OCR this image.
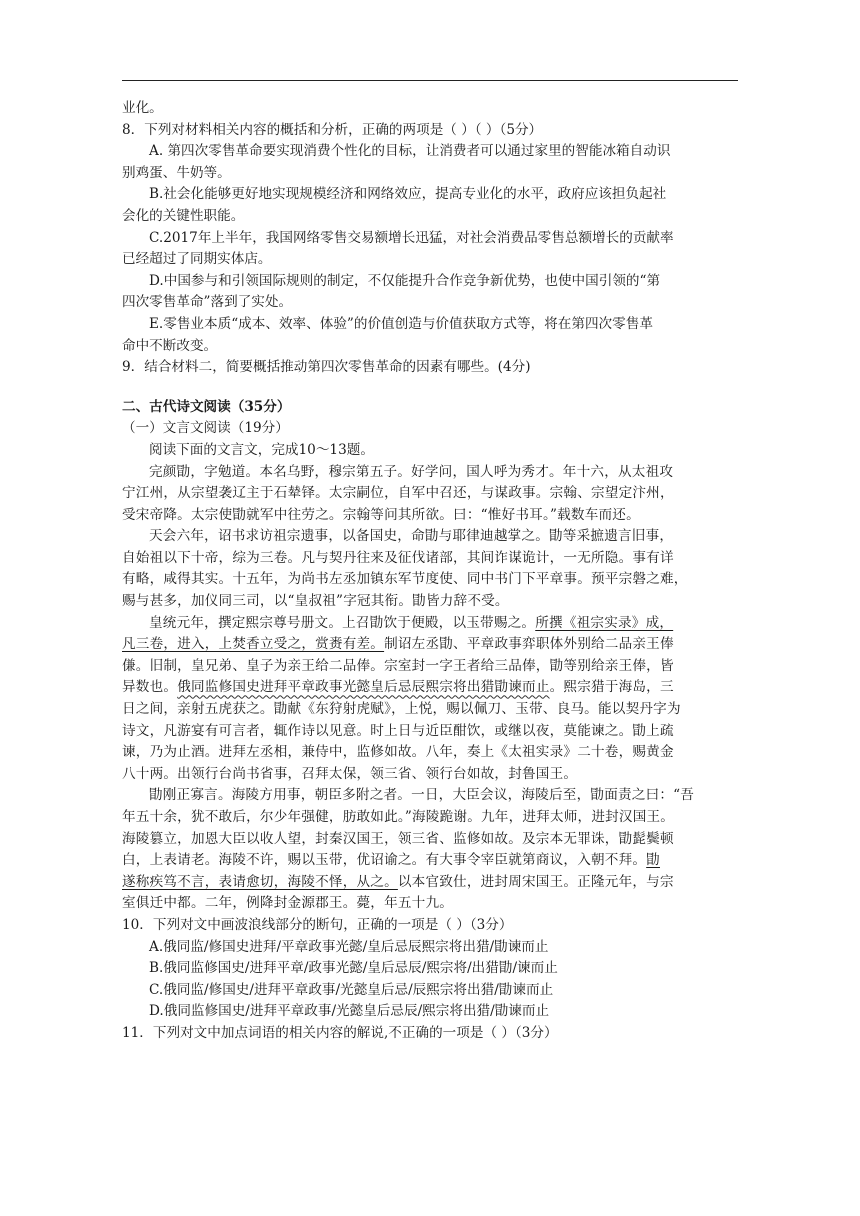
业化。

8．下列对材料相关内容的概括和分析，正确的两项是（ ）（ ）（5分）

A. 第四次零售革命要实现消费个性化的目标，让消费者可以通过家里的智能冰箱自动识

别鸡蛋、牛奶等。

B.社会化能够更好地实现规模经济和网络效应，提高专业化的水平，政府应该担负起社

会化的关键性职能。

C.2017年上半年，我国网络零售交易额增长迅猛，对社会消费品零售总额增长的贡献率

已经超过了同期实体店。

D.中国参与和引领国际规则的制定，不仅能提升合作竞争新优势，也使中国引领的“第

四次零售革命”落到了实处。

E.零售业本质“成本、效率、体验”的价值创造与价值获取方式等，将在第四次零售革

命中不断改变。

9．结合材料二，简要概括推动第四次零售革命的因素有哪些。(4分)

二、古代诗文阅读（35分）

（一）文言文阅读（19分）

阅读下面的文言文，完成10～13题。

完颜勖，字勉道。本名乌野，穆宗第五子。好学问，国人呼为秀才。年十六，从太祖攻

宁江州，从宗望袭辽主于石辇铎。太宗嗣位，自军中召还，与谋政事。宗翰、宗望定汴州，

受宋帝降。太宗使勖就军中往劳之。宗翰等问其所欲。曰：“惟好书耳。”载数车而还。

天会六年，诏书求访祖宗遗事，以备国史，命勖与耶律迪越掌之。勖等采摭遗言旧事，

自始祖以下十帝，综为三卷。凡与契丹往来及征伐诸部，其间诈谋诡计，一无所隐。事有详

有略，咸得其实。十五年，为尚书左丞加镇东军节度使、同中书门下平章事。预平宗磐之难，

赐与甚多，加仪同三司，以“皇叔祖”字冠其衔。勖皆力辞不受。

皇统元年，撰定熙宗尊号册文。上召勖饮于便殿，以玉带赐之。所撰《祖宗实录》成，

凡三卷，进入，上焚香立受之，赏赉有差。制诏左丞勖、平章政事弈职体外别给二品亲王俸

傔。旧制，皇兄弟、皇子为亲王给二品俸。宗室封一字王者给三品俸，勖等别给亲王俸，皆

异数也。俄同监修国史进拜平章政事光懿皇后忌辰熙宗将出猎勖谏而止。熙宗猎于海岛，三

日之间，亲射五虎获之。勖献《东狩射虎赋》，上悦，赐以佩刀、玉带、良马。能以契丹字为

诗文，凡游宴有可言者，辄作诗以见意。时上日与近臣酣饮，或继以夜，莫能谏之。勖上疏

谏，乃为止酒。进拜左丞相，兼侍中，监修如故。八年，奏上《太祖实录》二十卷，赐黄金

八十两。出领行台尚书省事，召拜太保，领三省、领行台如故，封鲁国王。

勖刚正寡言。海陵方用事，朝臣多附之者。一日，大臣会议，海陵后至，勖面责之曰：“吾

年五十余，犹不敢后，尔少年强健，肪敢如此。”海陵跪谢。九年，进拜太师，进封汉国王。

海陵篡立，加恩大臣以收人望，封秦汉国王，领三省、监修如故。及宗本无罪诛，勖髭鬓顿

白，上表请老。海陵不许，赐以玉带，优诏谕之。有大事令宰臣就第商议，入朝不拜。勖

遂称疾笃不言，表请愈切，海陵不怿，从之。以本官致仕，进封周宋国王。正隆元年，与宗

室俱迁中都。二年，例降封金源郡王。薨，年五十九。

10．下列对文中画波浪线部分的断句，正确的一项是（ ）（3分）

A.俄同监/修国史进拜/平章政事光懿/皇后忌辰熙宗将出猎/勖谏而止

B.俄同监修国史/进拜平章/政事光懿/皇后忌辰/熙宗将/出猎勖/谏而止

C.俄同监/修国史/进拜平章政事/光懿皇后忌/辰熙宗将出猎/勖谏而止

D.俄同监修国史/进拜平章政事/光懿皇后忌辰/熙宗将出猎/勖谏而止

11．下列对文中加点词语的相关内容的解说,不正确的一项是（ ）（3分）
